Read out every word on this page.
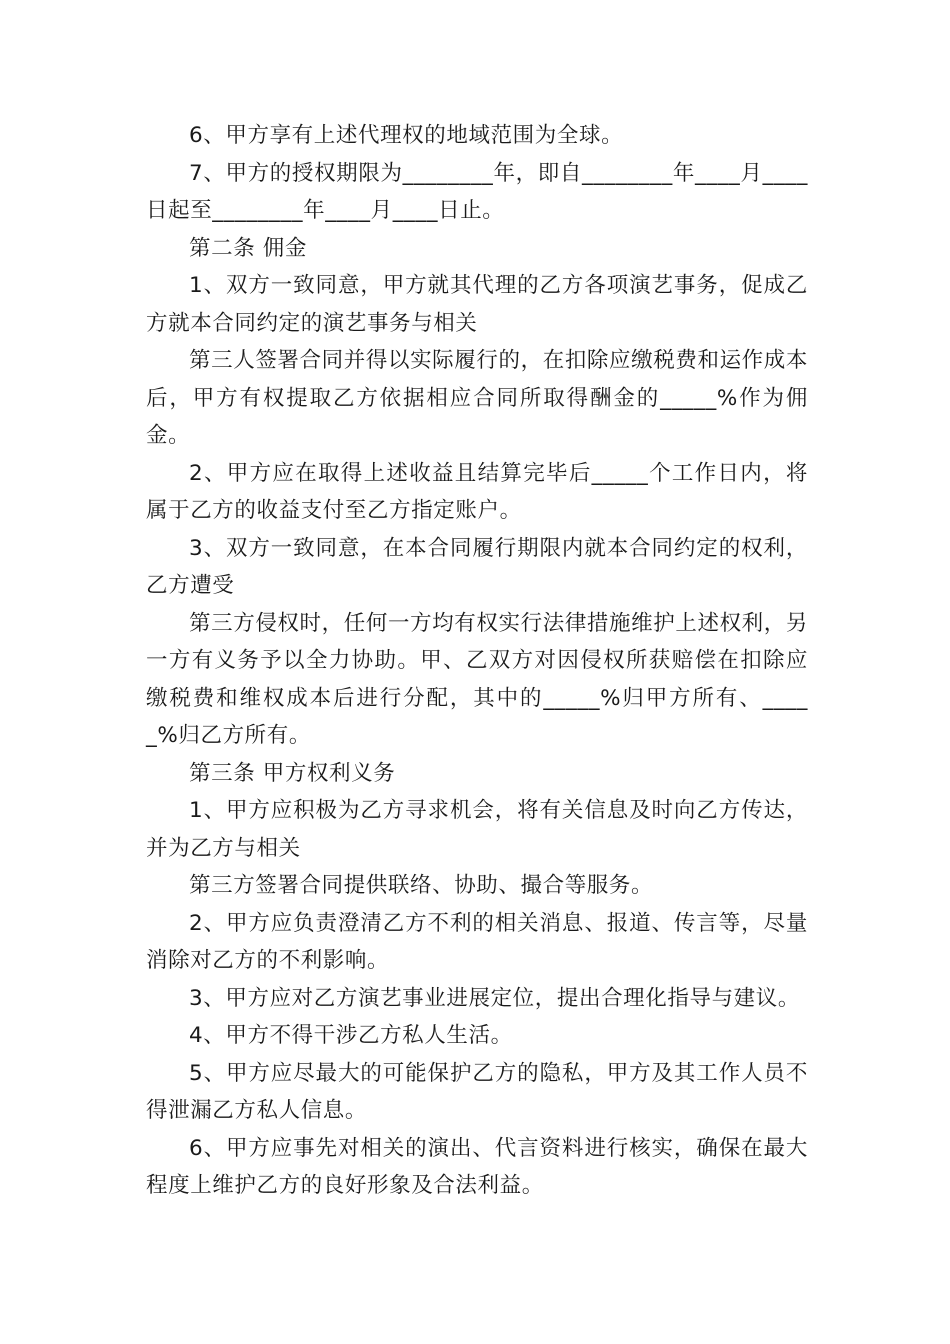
6、甲方享有上述代理权的地域范围为全球。

7、甲方的授权期限为________年，即自________年____月____日起至________年____月____日止。

第二条 佣金

1、双方一致同意，甲方就其代理的乙方各项演艺事务，促成乙方就本合同约定的演艺事务与相关

第三人签署合同并得以实际履行的，在扣除应缴税费和运作成本后，甲方有权提取乙方依据相应合同所取得酬金的_____%作为佣金。

2、甲方应在取得上述收益且结算完毕后_____个工作日内，将属于乙方的收益支付至乙方指定账户。

3、双方一致同意，在本合同履行期限内就本合同约定的权利，乙方遭受

第三方侵权时，任何一方均有权实行法律措施维护上述权利，另一方有义务予以全力协助。甲、乙双方对因侵权所获赔偿在扣除应缴税费和维权成本后进行分配，其中的_____%归甲方所有、_____%归乙方所有。

第三条 甲方权利义务

1、甲方应积极为乙方寻求机会，将有关信息及时向乙方传达，并为乙方与相关

第三方签署合同提供联络、协助、撮合等服务。

2、甲方应负责澄清乙方不利的相关消息、报道、传言等，尽量消除对乙方的不利影响。

3、甲方应对乙方演艺事业进展定位，提出合理化指导与建议。

4、甲方不得干涉乙方私人生活。

5、甲方应尽最大的可能保护乙方的隐私，甲方及其工作人员不得泄漏乙方私人信息。

6、甲方应事先对相关的演出、代言资料进行核实，确保在最大程度上维护乙方的良好形象及合法利益。
